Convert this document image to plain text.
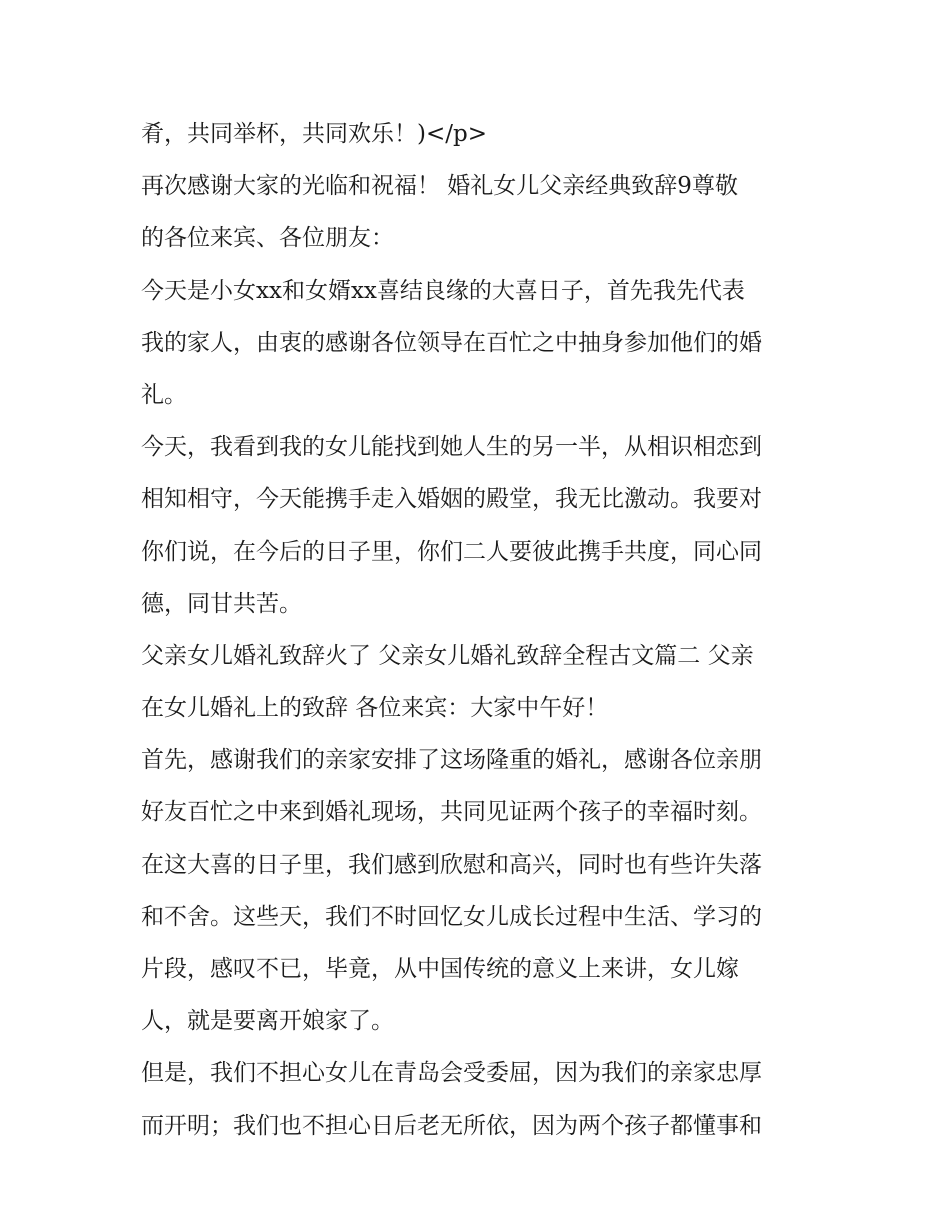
肴，共同举杯，共同欢乐！)</p>
再次感谢大家的光临和祝福！ 婚礼女儿父亲经典致辞9尊敬
的各位来宾、各位朋友：
今天是小女xx和女婿xx喜结良缘的大喜日子，首先我先代表
我的家人，由衷的感谢各位领导在百忙之中抽身参加他们的婚
礼。
今天，我看到我的女儿能找到她人生的另一半，从相识相恋到
相知相守，今天能携手走入婚姻的殿堂，我无比激动。我要对
你们说，在今后的日子里，你们二人要彼此携手共度，同心同
德，同甘共苦。
父亲女儿婚礼致辞火了 父亲女儿婚礼致辞全程古文篇二 父亲
在女儿婚礼上的致辞 各位来宾：大家中午好！
首先，感谢我们的亲家安排了这场隆重的婚礼，感谢各位亲朋
好友百忙之中来到婚礼现场，共同见证两个孩子的幸福时刻。
在这大喜的日子里，我们感到欣慰和高兴，同时也有些许失落
和不舍。这些天，我们不时回忆女儿成长过程中生活、学习的
片段，感叹不已，毕竟，从中国传统的意义上来讲，女儿嫁
人，就是要离开娘家了。
但是，我们不担心女儿在青岛会受委屈，因为我们的亲家忠厚
而开明；我们也不担心日后老无所依，因为两个孩子都懂事和
